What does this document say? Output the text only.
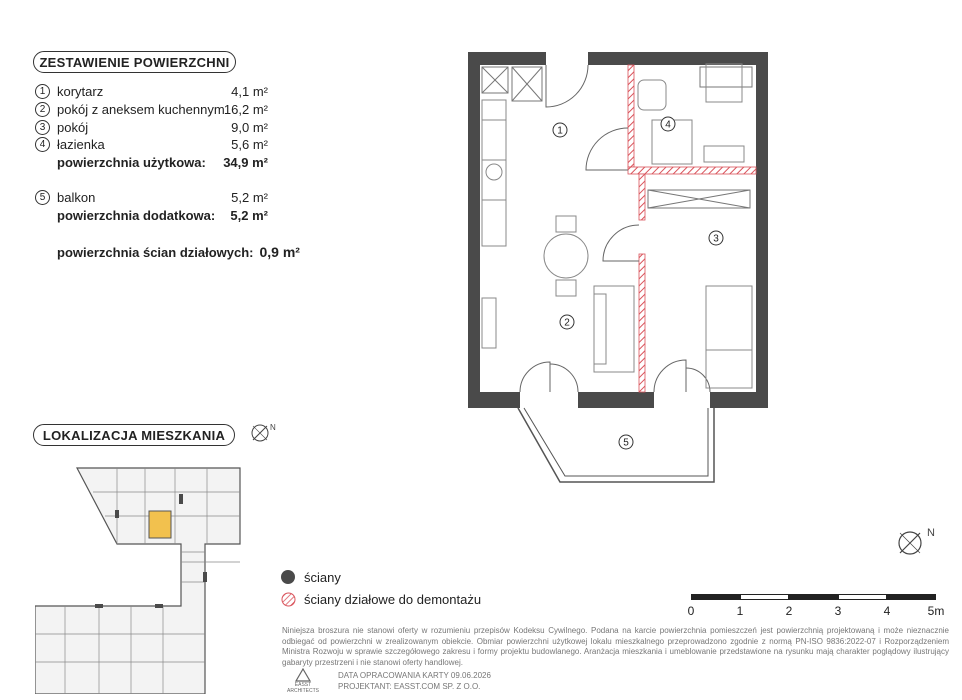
ZESTAWIENIE POWIERZCHNI
1 korytarz	4,1 m²
2 pokój z aneksem kuchennym 16,2 m²
3 pokój	9,0 m²
4 łazienka	5,6 m²
powierzchnia użytkowa: 34,9 m²
5 balkon	5,2 m²
powierzchnia dodatkowa: 5,2 m²
powierzchnia ścian działowych: 0,9 m²
1
2
3
4
5
LOKALIZACJA MIESZKANIA	N
ściany
ściany działowe do demontażu
N
0	1	2	3	4	5m
Niniejsza broszura nie stanowi oferty w rozumieniu przepisów Kodeksu Cywilnego. Podana na karcie powierzchnia pomieszczeń jest powierzchnią projektowaną i może nieznacznie odbiegać od powierzchni w zrealizowanym obiekcie. Obmiar powierzchni użytkowej lokalu mieszkalnego przeprowadzono zgodnie z normą PN-ISO 9836:2022-07 i Rozporządzeniem Ministra Rozwoju w sprawie szczegółowego zakresu i formy projektu budowlanego. Aranżacja mieszkania i umeblowanie przedstawione na rysunku mają charakter poglądowy ilustrujący gabaryty przestrzeni i nie stanowi oferty handlowej.
EASST ARCHITECTS
DATA OPRACOWANIA KARTY 09.06.2026
PROJEKTANT: EASST.COM SP. Z O.O.
